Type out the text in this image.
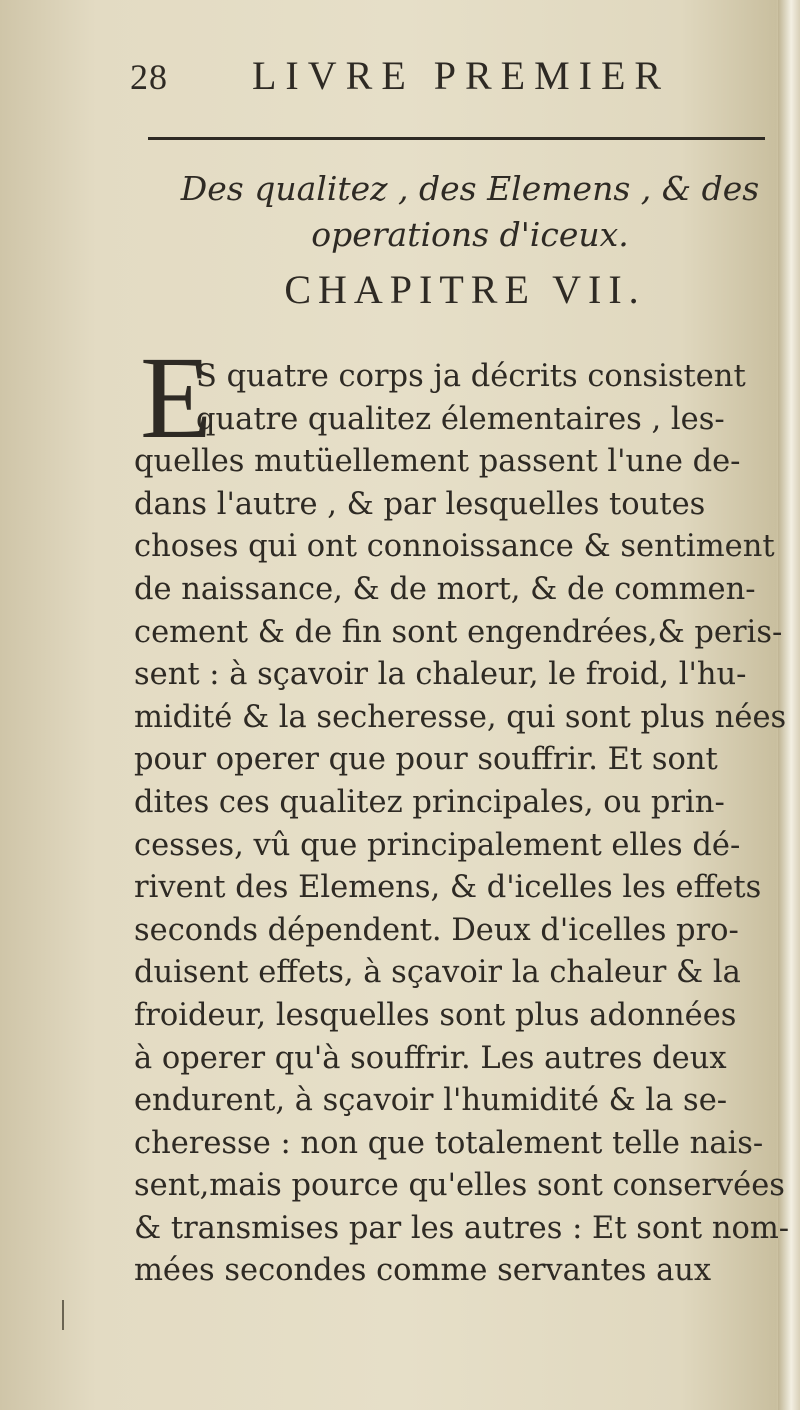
28 LIVRE PREMIER
Des qualitez , des Elemens , & des
operations d'iceux.
CHAPITRE VII.
E
S quatre corps ja décrits consistent
quatre qualitez élementaires , les-
quelles mutüellement passent l'une de-
dans l'autre , & par lesquelles toutes
choses qui ont connoissance & sentiment
de naissance, & de mort, & de commen-
cement & de fin sont engendrées,& peris-
sent : à sçavoir la chaleur, le froid, l'hu-
midité & la secheresse, qui sont plus nées
pour operer que pour souffrir. Et sont
dites ces qualitez principales, ou prin-
cesses, vû que principalement elles dé-
rivent des Elemens, & d'icelles les effets
seconds dépendent. Deux d'icelles pro-
duisent effets, à sçavoir la chaleur & la
froideur, lesquelles sont plus adonnées
à operer qu'à souffrir. Les autres deux
endurent, à sçavoir l'humidité & la se-
cheresse : non que totalement telle nais-
sent,mais pource qu'elles sont conservées
& transmises par les autres : Et sont nom-
mées secondes comme servantes aux
